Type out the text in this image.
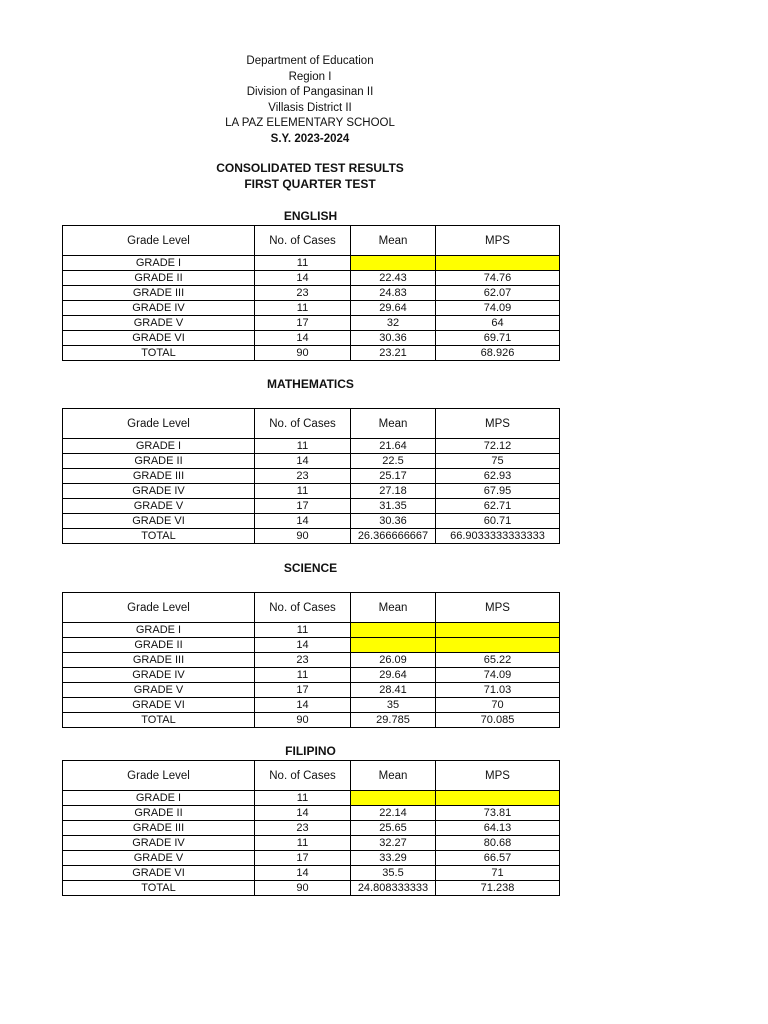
Department of Education
Region I
Division of Pangasinan II
Villasis District II
LA PAZ ELEMENTARY SCHOOL
S.Y. 2023-2024
CONSOLIDATED TEST RESULTS
FIRST QUARTER TEST
ENGLISH
Grade Level	No. of Cases	Mean	MPS
GRADE I	11		
GRADE II	14	22.43	74.76
GRADE III	23	24.83	62.07
GRADE IV	11	29.64	74.09
GRADE V	17	32	64
GRADE VI	14	30.36	69.71
TOTAL	90	23.21	68.926
MATHEMATICS
Grade Level	No. of Cases	Mean	MPS
GRADE I	11	21.64	72.12
GRADE II	14	22.5	75
GRADE III	23	25.17	62.93
GRADE IV	11	27.18	67.95
GRADE V	17	31.35	62.71
GRADE VI	14	30.36	60.71
TOTAL	90	26.366666667	66.9033333333333
SCIENCE
Grade Level	No. of Cases	Mean	MPS
GRADE I	11		
GRADE II	14		
GRADE III	23	26.09	65.22
GRADE IV	11	29.64	74.09
GRADE V	17	28.41	71.03
GRADE VI	14	35	70
TOTAL	90	29.785	70.085
FILIPINO
Grade Level	No. of Cases	Mean	MPS
GRADE I	11		
GRADE II	14	22.14	73.81
GRADE III	23	25.65	64.13
GRADE IV	11	32.27	80.68
GRADE V	17	33.29	66.57
GRADE VI	14	35.5	71
TOTAL	90	24.808333333	71.238
